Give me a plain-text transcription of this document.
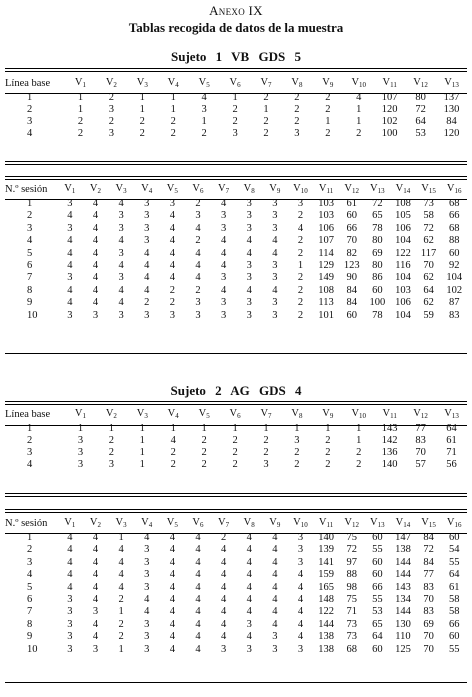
Anexo IX
Tablas recogida de datos de la muestra
Sujeto 1 VB GDS 5
Línea base	$V_1$	$V_2$	$V_3$	$V_4$	$V_5$	$V_6$	$V_7$	$V_8$	$V_9$	$V_{10}$	$V_{11}$	$V_{12}$	$V_{13}$
1	1	2	1	1	4	1	2	2	2	4	107	80	137
2	1	3	1	1	3	2	1	2	2	1	120	72	130
3	2	2	2	2	1	2	2	2	1	1	102	64	84
4	2	3	2	2	2	3	2	3	2	2	100	53	120
N.º sesión	$V_1$	$V_2$	$V_3$	$V_4$	$V_5$	$V_6$	$V_7$	$V_8$	$V_9$	$V_{10}$	$V_{11}$	$V_{12}$	$V_{13}$	$V_{14}$	$V_{15}$	$V_{16}$
1	3	4	4	3	3	2	4	3	3	3	103	61	72	108	73	68
2	4	4	3	3	4	3	3	3	3	2	103	60	65	105	58	66
3	3	4	3	3	4	4	3	3	3	4	106	66	78	106	72	68
4	4	4	4	3	4	2	4	4	4	2	107	70	80	104	62	88
5	4	4	3	4	4	4	4	4	4	2	114	82	69	122	117	60
6	4	4	4	4	4	4	4	3	3	1	129	123	80	116	70	92
7	3	4	3	4	4	4	3	3	3	2	149	90	86	104	62	104
8	4	4	4	4	2	2	4	4	4	2	108	84	60	103	64	102
9	4	4	4	2	2	3	3	3	3	2	113	84	100	106	62	87
10	3	3	3	3	3	3	3	3	3	2	101	60	78	104	59	83
Sujeto 2 AG GDS 4
Línea base	$V_1$	$V_2$	$V_3$	$V_4$	$V_5$	$V_6$	$V_7$	$V_8$	$V_9$	$V_{10}$	$V_{11}$	$V_{12}$	$V_{13}$
1	1	1	1	1	1	1	1	1	1	1	143	77	64
2	3	2	1	4	2	2	2	3	2	1	142	83	61
3	3	2	1	2	2	2	2	2	2	2	136	70	71
4	3	3	1	2	2	2	3	2	2	2	140	57	56
N.º sesión	$V_1$	$V_2$	$V_3$	$V_4$	$V_5$	$V_6$	$V_7$	$V_8$	$V_9$	$V_{10}$	$V_{11}$	$V_{12}$	$V_{13}$	$V_{14}$	$V_{15}$	$V_{16}$
1	4	4	1	4	4	4	2	4	4	3	140	75	60	147	84	60
2	4	4	4	3	4	4	4	4	4	3	139	72	55	138	72	54
3	4	4	4	3	4	4	4	4	4	3	141	97	60	144	84	55
4	4	4	4	3	4	4	4	4	4	4	159	88	60	144	77	64
5	4	4	4	3	4	4	4	4	4	4	165	98	66	143	83	61
6	3	4	2	4	4	4	4	4	4	4	148	75	55	134	70	58
7	3	3	1	4	4	4	4	4	4	4	122	71	53	144	83	58
8	3	4	2	3	4	4	4	3	4	4	144	73	65	130	69	66
9	3	4	2	3	4	4	4	4	3	4	138	73	64	110	70	60
10	3	3	1	3	4	4	3	3	3	3	138	68	60	125	70	55
